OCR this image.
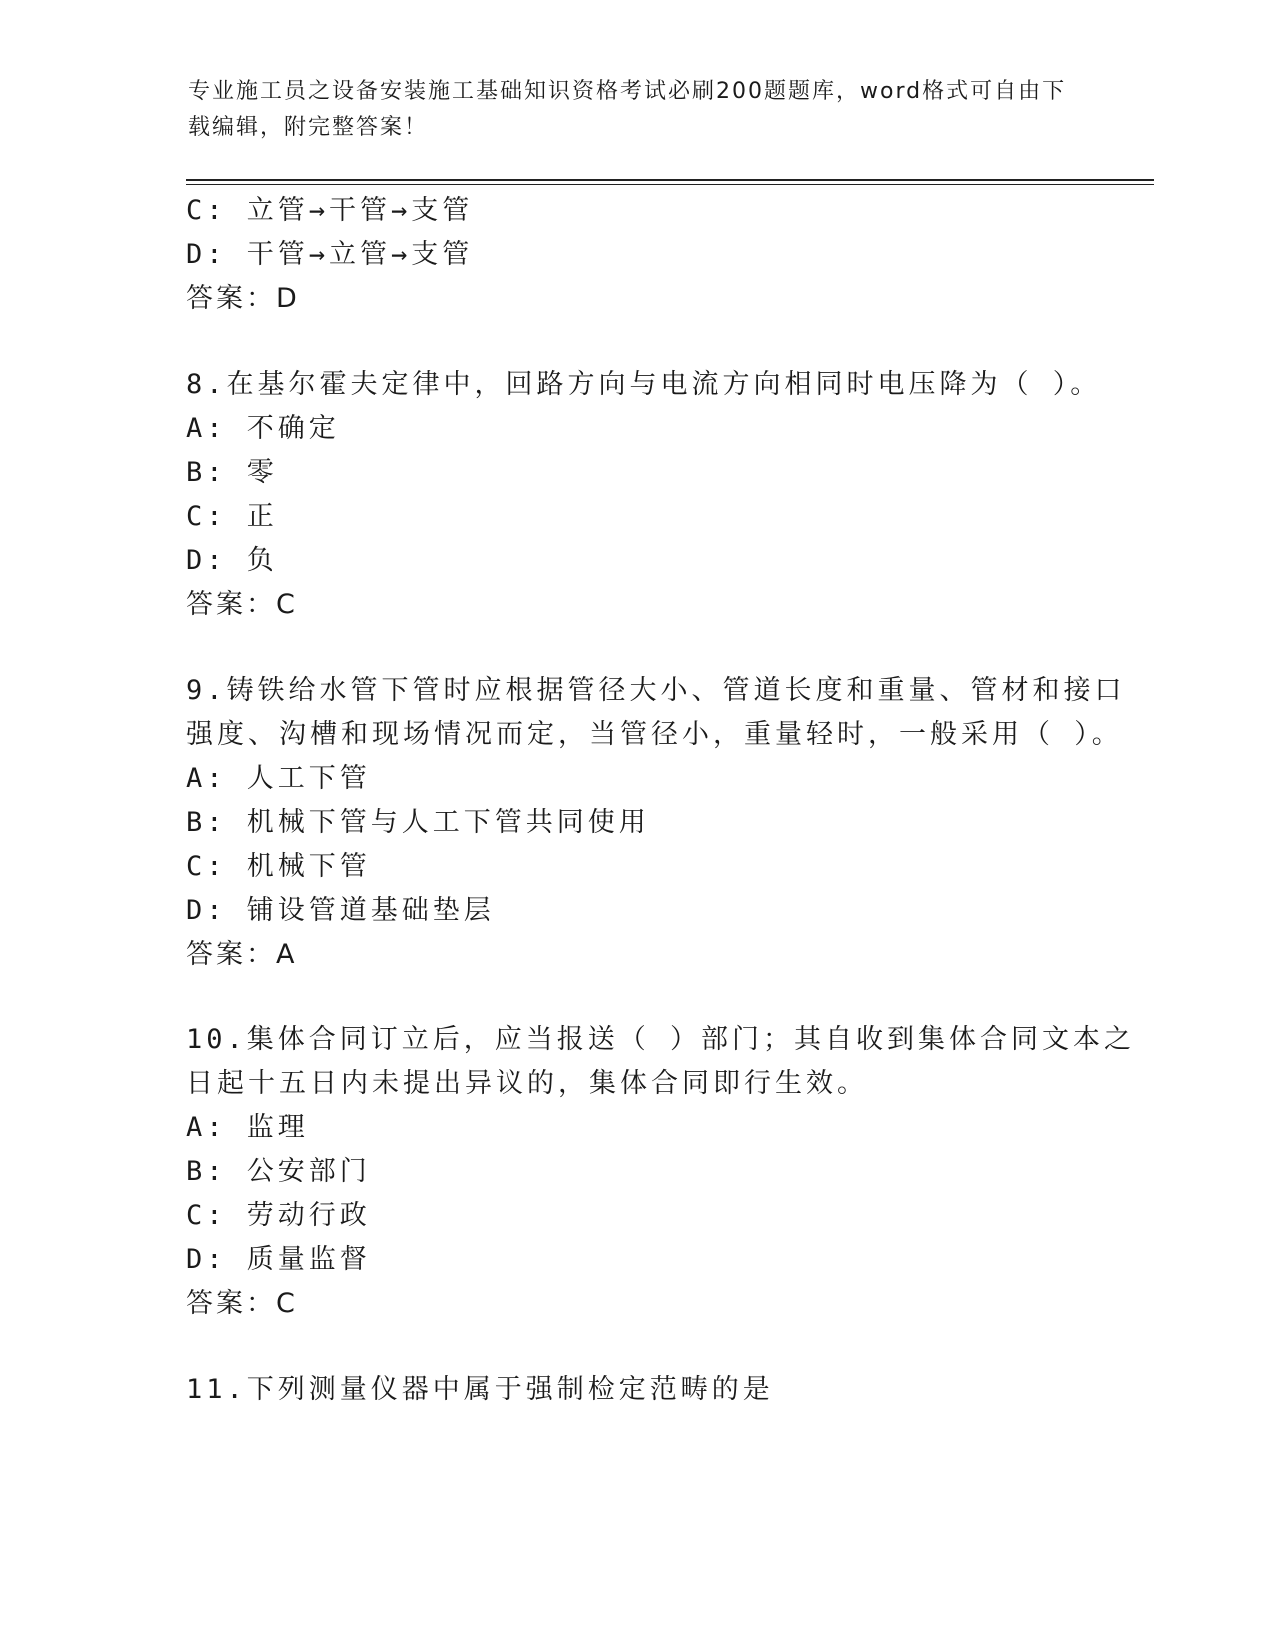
专业施工员之设备安装施工基础知识资格考试必刷200题题库，word格式可自由下载编辑，附完整答案！
C: 立管→干管→支管
D: 干管→立管→支管
答案：D
8.在基尔霍夫定律中，回路方向与电流方向相同时电压降为（ ）。
A: 不确定
B: 零
C: 正
D: 负
答案：C
9.铸铁给水管下管时应根据管径大小、管道长度和重量、管材和接口
强度、沟槽和现场情况而定，当管径小，重量轻时，一般采用（ ）。
A: 人工下管
B: 机械下管与人工下管共同使用
C: 机械下管
D: 铺设管道基础垫层
答案：A
10.集体合同订立后，应当报送（ ）部门；其自收到集体合同文本之
日起十五日内未提出异议的，集体合同即行生效。
A: 监理
B: 公安部门
C: 劳动行政
D: 质量监督
答案：C
11.下列测量仪器中属于强制检定范畴的是
